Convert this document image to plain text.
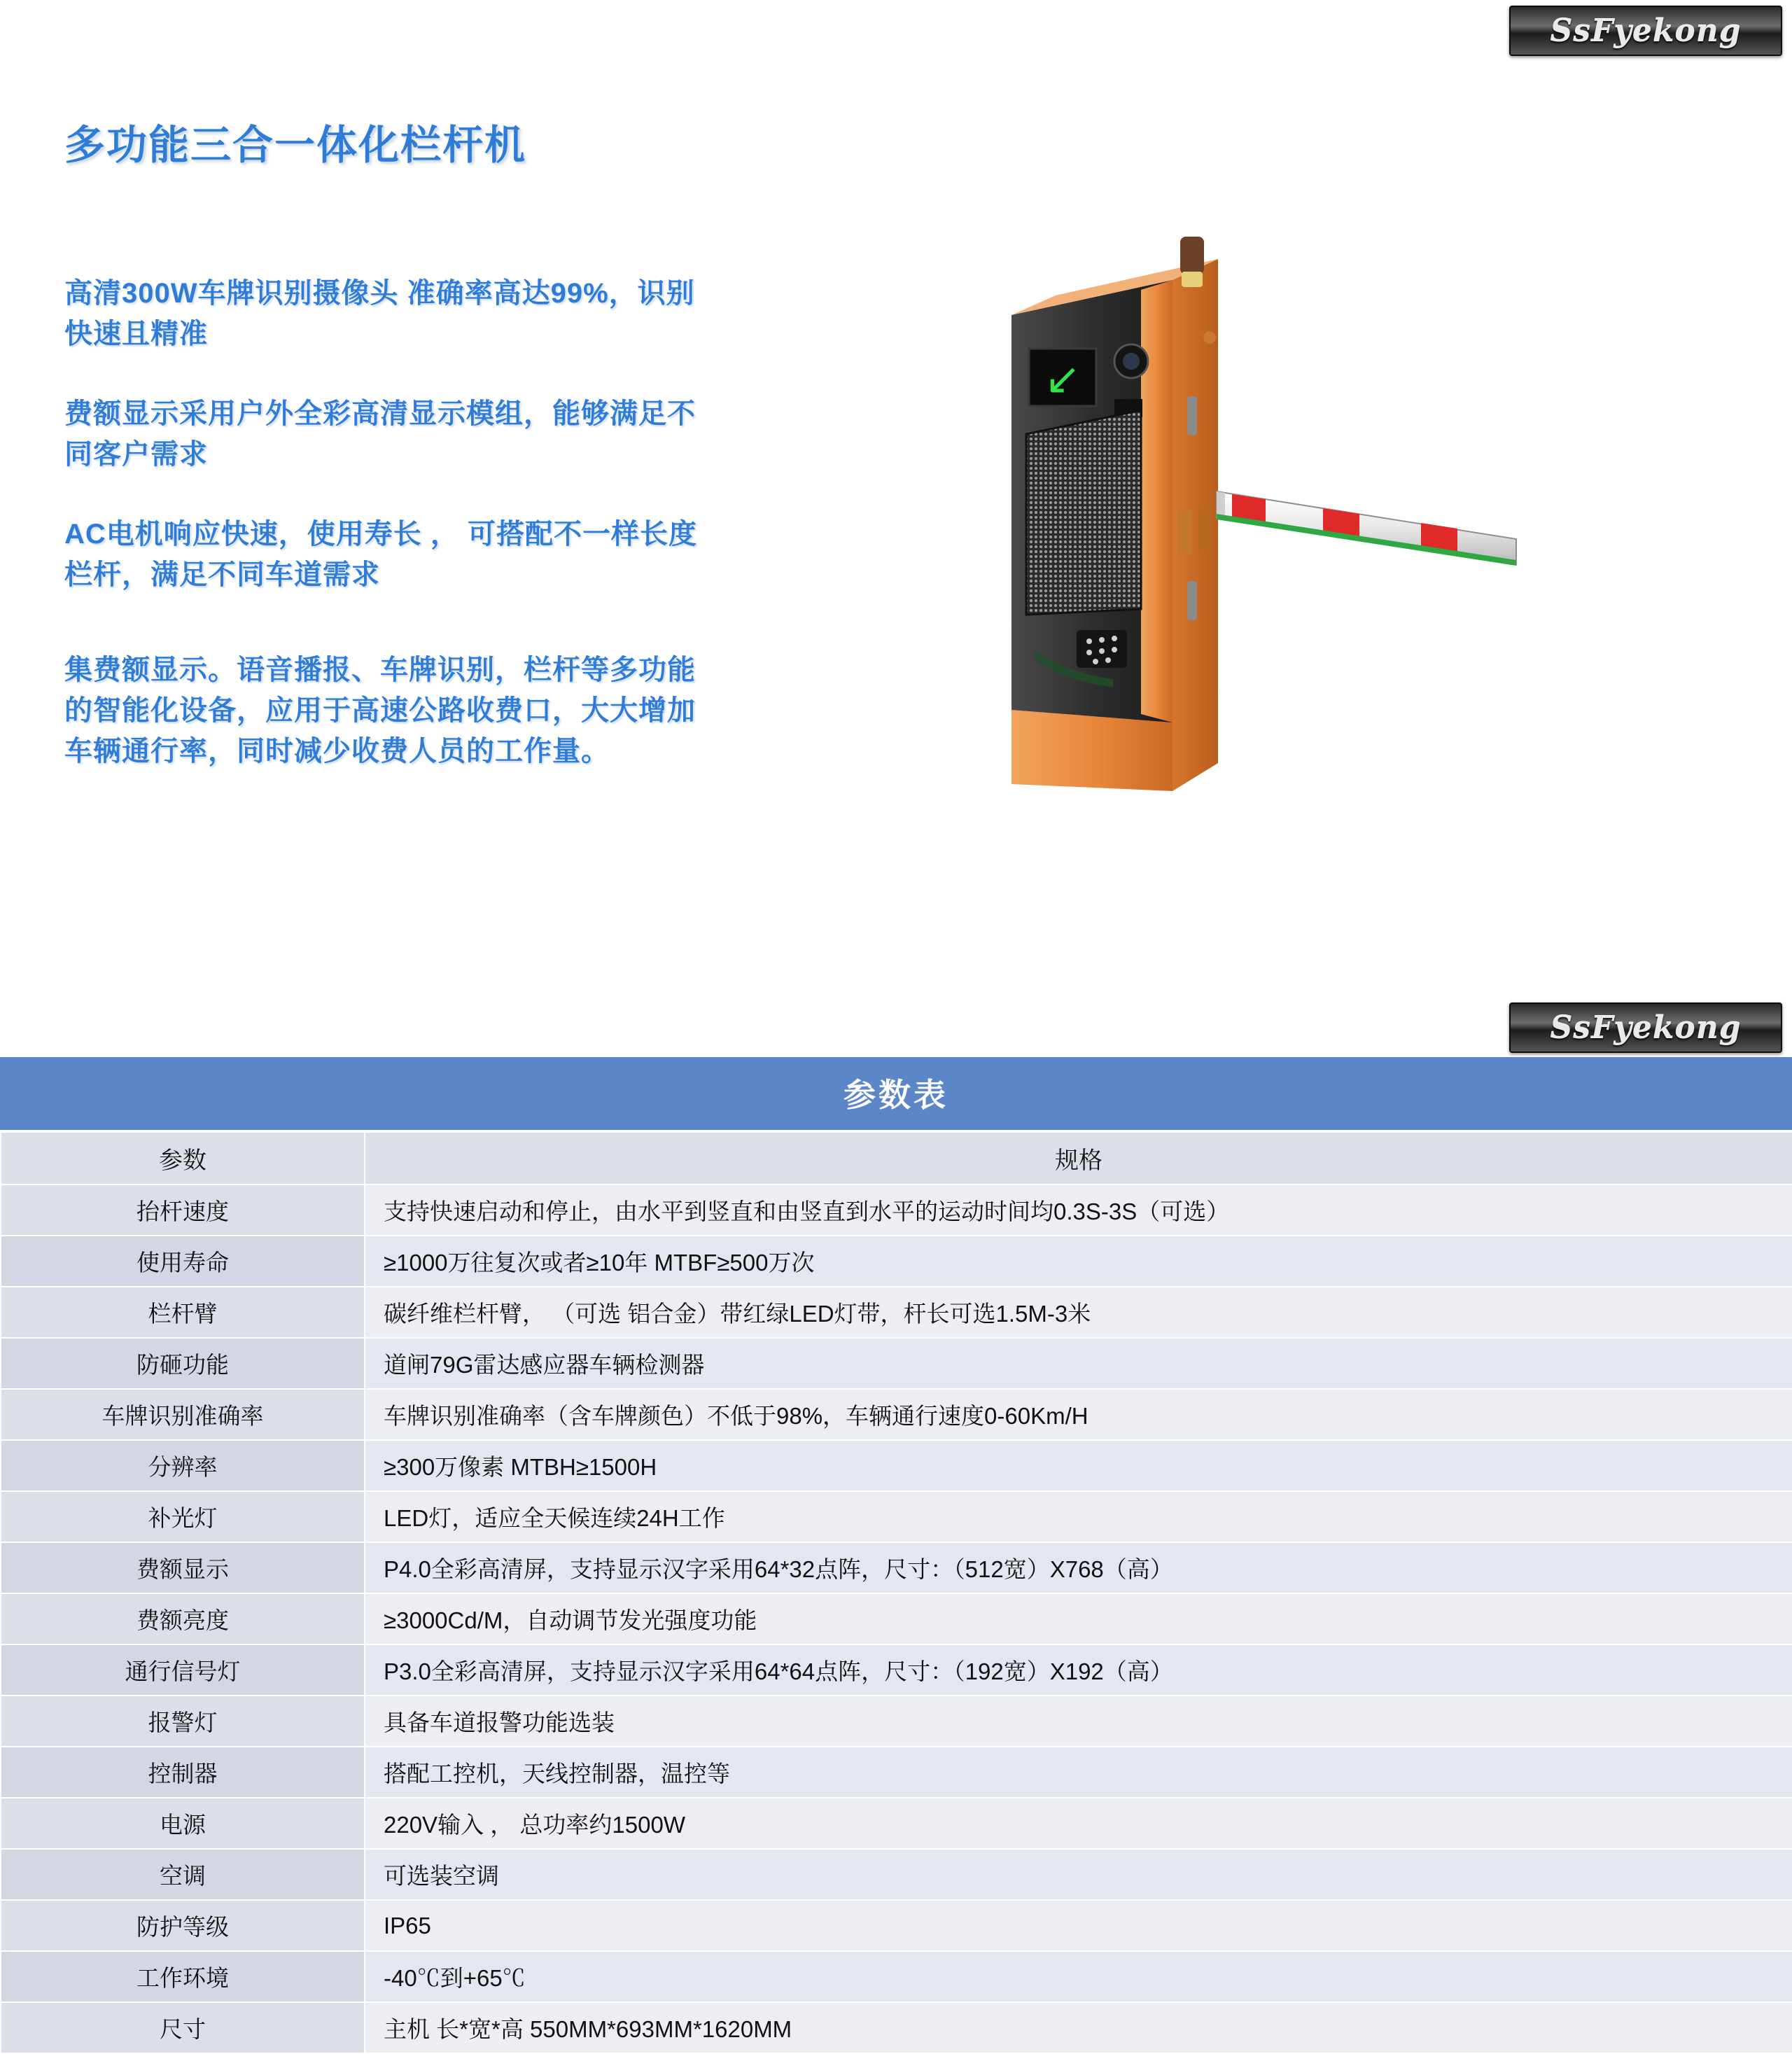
SsFyekong
多功能三合一体化栏杆机
高清300W车牌识别摄像头 准确率高达99%，识别快速且精准
费额显示采用户外全彩高清显示模组，能够满足不同客户需求
AC电机响应快速，使用寿长 ， 可搭配不一样长度栏杆，满足不同车道需求
集费额显示。语音播报、车牌识别，栏杆等多功能的智能化设备，应用于高速公路收费口，大大增加车辆通行率，同时减少收费人员的工作量。
↙
SsFyekong
参数表
参数	规格
抬杆速度	支持快速启动和停止，由水平到竖直和由竖直到水平的运动时间均0.3S-3S（可选）
使用寿命	≥1000万往复次或者≥10年 MTBF≥500万次
栏杆臂	碳纤维栏杆臂， （可选 铝合金）带红绿LED灯带，杆长可选1.5M-3米
防砸功能	道闸79G雷达感应器车辆检测器
车牌识别准确率	车牌识别准确率（含车牌颜色）不低于98%，车辆通行速度0-60Km/H
分辨率	≥300万像素 MTBH≥1500H
补光灯	LED灯，适应全天候连续24H工作
费额显示	P4.0全彩高清屏，支持显示汉字采用64*32点阵，尺寸：（512宽）X768（高）
费额亮度	≥3000Cd/M，自动调节发光强度功能
通行信号灯	P3.0全彩高清屏，支持显示汉字采用64*64点阵，尺寸：（192宽）X192（高）
报警灯	具备车道报警功能选装
控制器	搭配工控机，天线控制器，温控等
电源	220V输入 ， 总功率约1500W
空调	可选装空调
防护等级	IP65
工作环境	-40℃到+65℃
尺寸	主机 长*宽*高 550MM*693MM*1620MM
